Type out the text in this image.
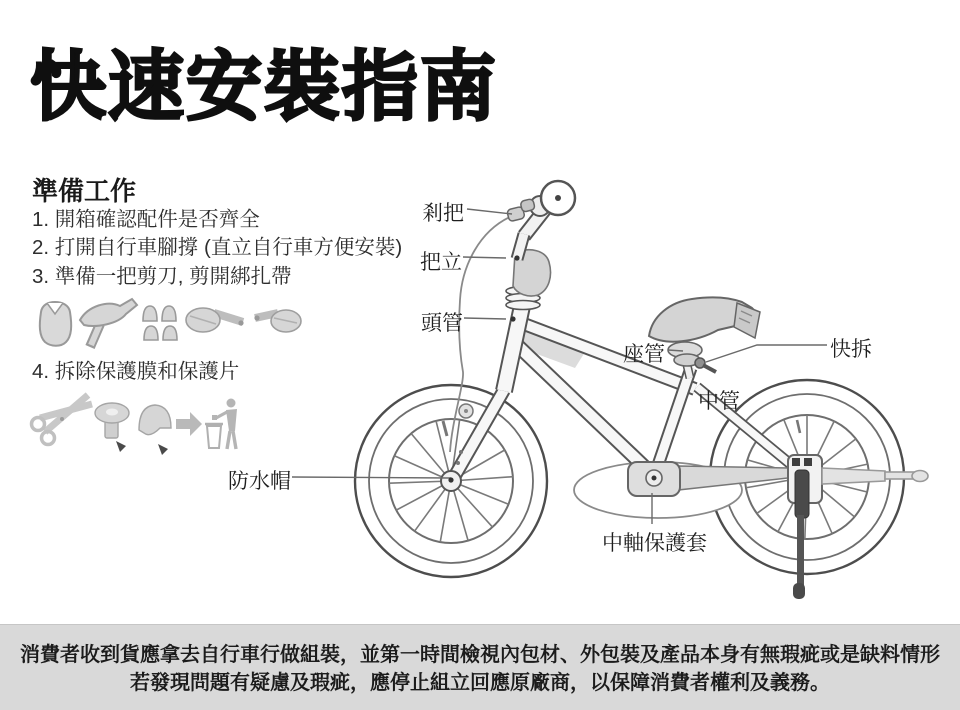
快速安裝指南
準備工作
1. 開箱確認配件是否齊全
2. 打開自行車腳撐 (直立自行車方便安裝)
3. 準備一把剪刀, 剪開綁扎帶
4. 拆除保護膜和保護片
剎把
把立
頭管
座管	快拆
中管
防水帽
中軸保護套
消費者收到貨應拿去自行車行做組裝，並第一時間檢視內包材、外包裝及產品本身有無瑕疵或是缺料情形
若發現問題有疑慮及瑕疵，應停止組立回應原廠商，以保障消費者權利及義務。
